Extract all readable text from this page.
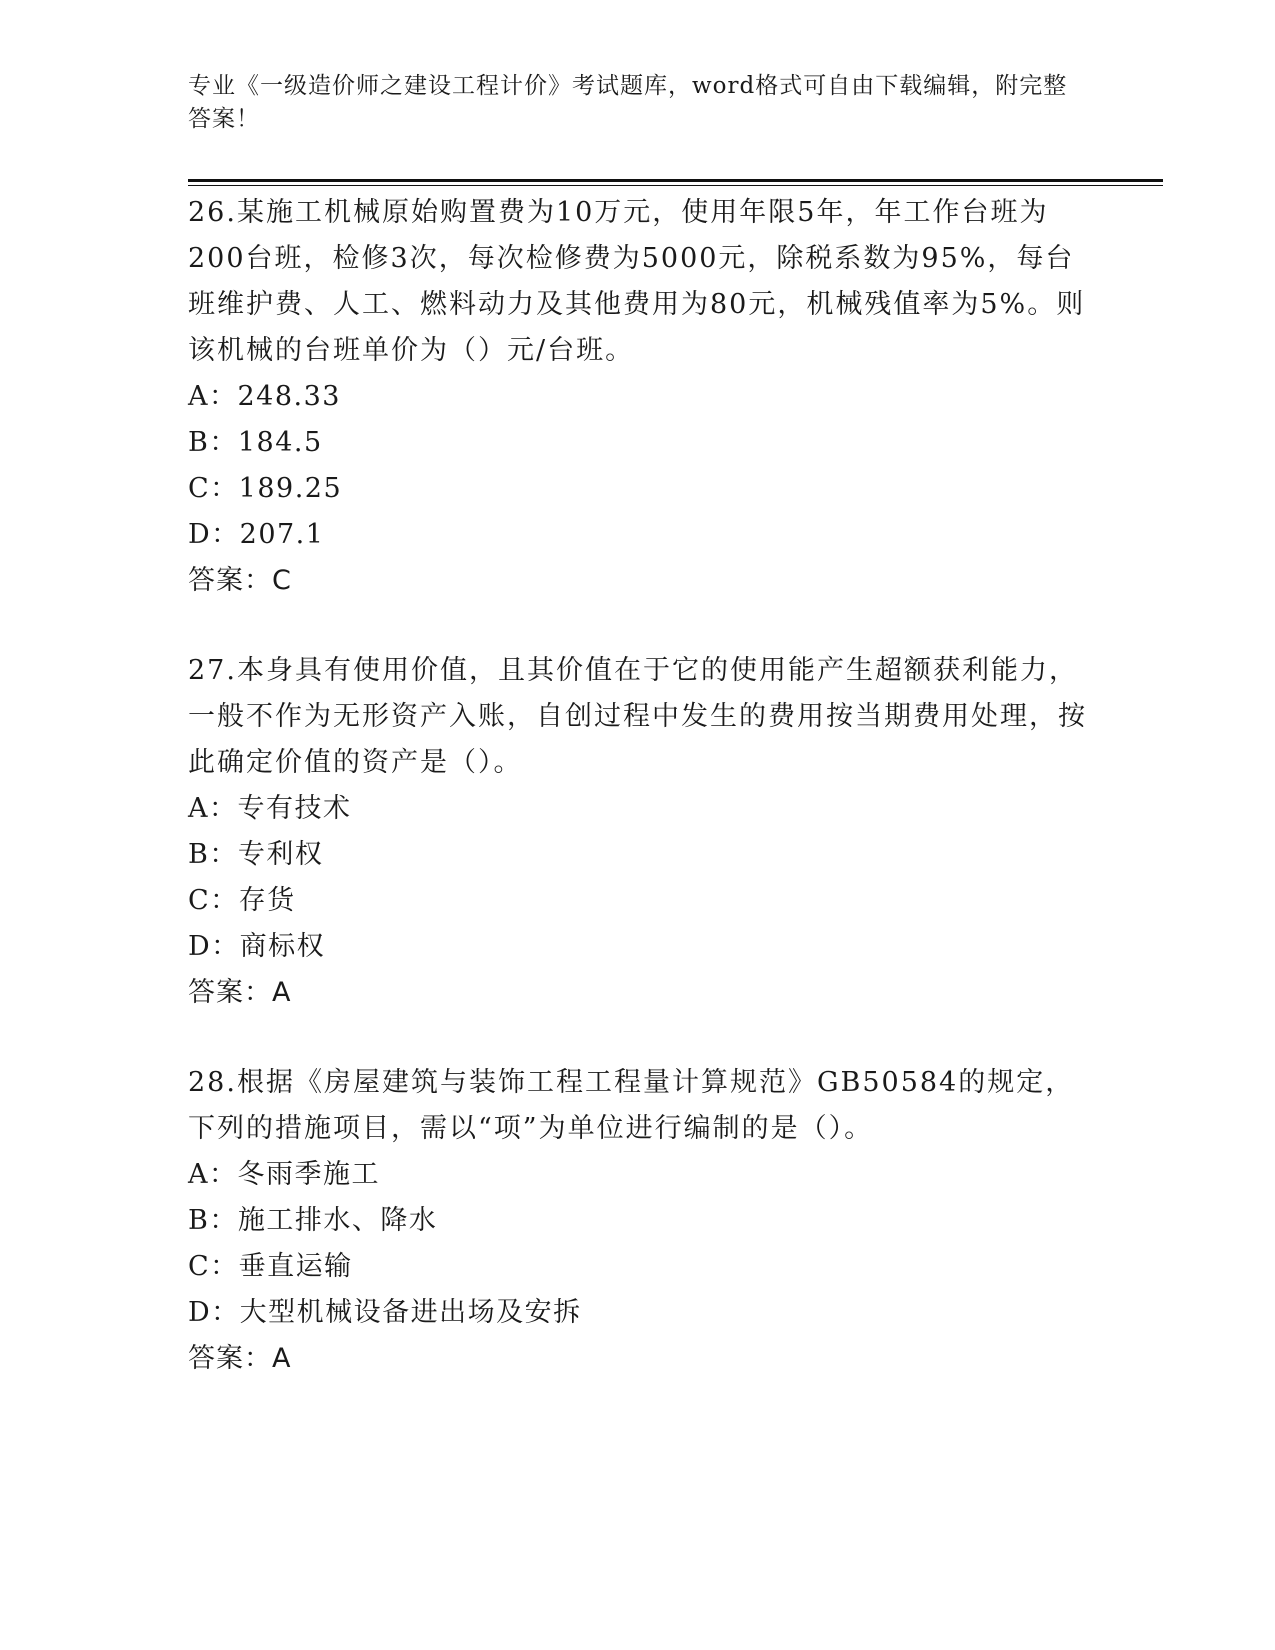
专业《一级造价师之建设工程计价》考试题库，word格式可自由下载编辑，附完整答案！

26.某施工机械原始购置费为10万元，使用年限5年，年工作台班为200台班，检修3次，每次检修费为5000元，除税系数为95%，每台班维护费、人工、燃料动力及其他费用为80元，机械残值率为5%。则该机械的台班单价为（）元/台班。

A：248.33

B：184.5

C：189.25

D：207.1

答案：C

27.本身具有使用价值，且其价值在于它的使用能产生超额获利能力，一般不作为无形资产入账，自创过程中发生的费用按当期费用处理，按此确定价值的资产是（）。

A：专有技术

B：专利权

C：存货

D：商标权

答案：A

28.根据《房屋建筑与装饰工程工程量计算规范》GB50584的规定，下列的措施项目，需以“项”为单位进行编制的是（）。

A：冬雨季施工

B：施工排水、降水

C：垂直运输

D：大型机械设备进出场及安拆

答案：A
